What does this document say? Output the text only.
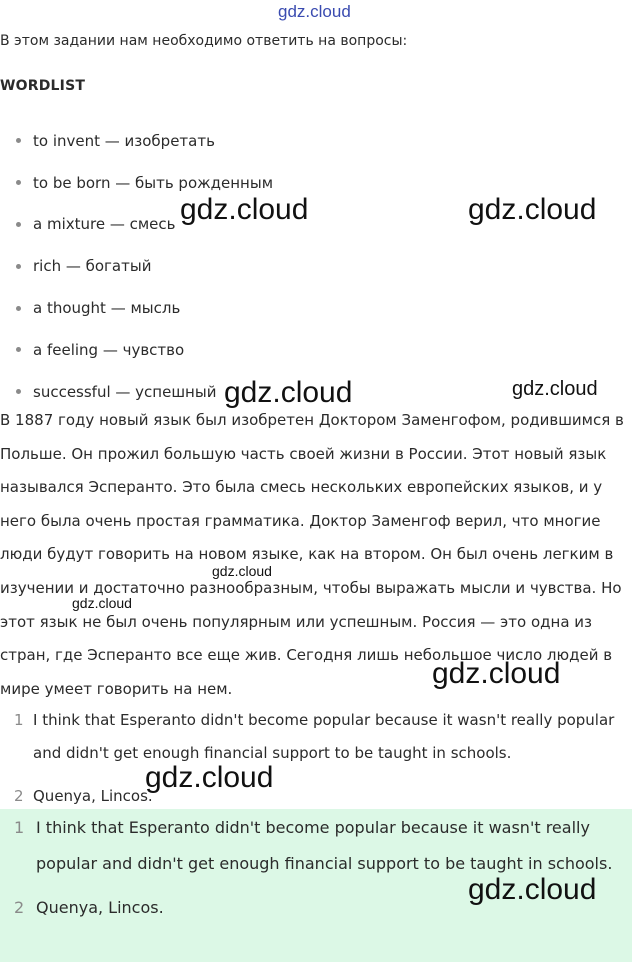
gdz.cloud
В этом задании нам необходимо ответить на вопросы:
WORDLIST
to invent — изобретать
to be born — быть рожденным
a mixture — смесь
rich — богатый
a thought — мысль
a feeling — чувство
successful — успешный

В 1887 году новый язык был изобретен Доктором Заменгофом, родившимся в Польше. Он прожил большую часть своей жизни в России. Этот новый язык назывался Эсперанто. Это была смесь нескольких европейских языков, и у него была очень простая грамматика. Доктор Заменгоф верил, что многие люди будут говорить на новом языке, как на втором. Он был очень легким в изучении и достаточно разнообразным, чтобы выражать мысли и чувства. Но этот язык не был очень популярным или успешным. Россия — это одна из стран, где Эсперанто все еще жив. Сегодня лишь небольшое число людей в мире умеет говорить на нем.

1 I think that Esperanto didn't become popular because it wasn't really popular and didn't get enough financial support to be taught in schools.
2 Quenya, Lincos.
1 I think that Esperanto didn't become popular because it wasn't really popular and didn't get enough financial support to be taught in schools.
2 Quenya, Lincos.
gdz.cloud	gdz.cloud
gdz.cloud	gdz.cloud
gdz.cloud
gdz.cloud
gdz.cloud
gdz.cloud
gdz.cloud
